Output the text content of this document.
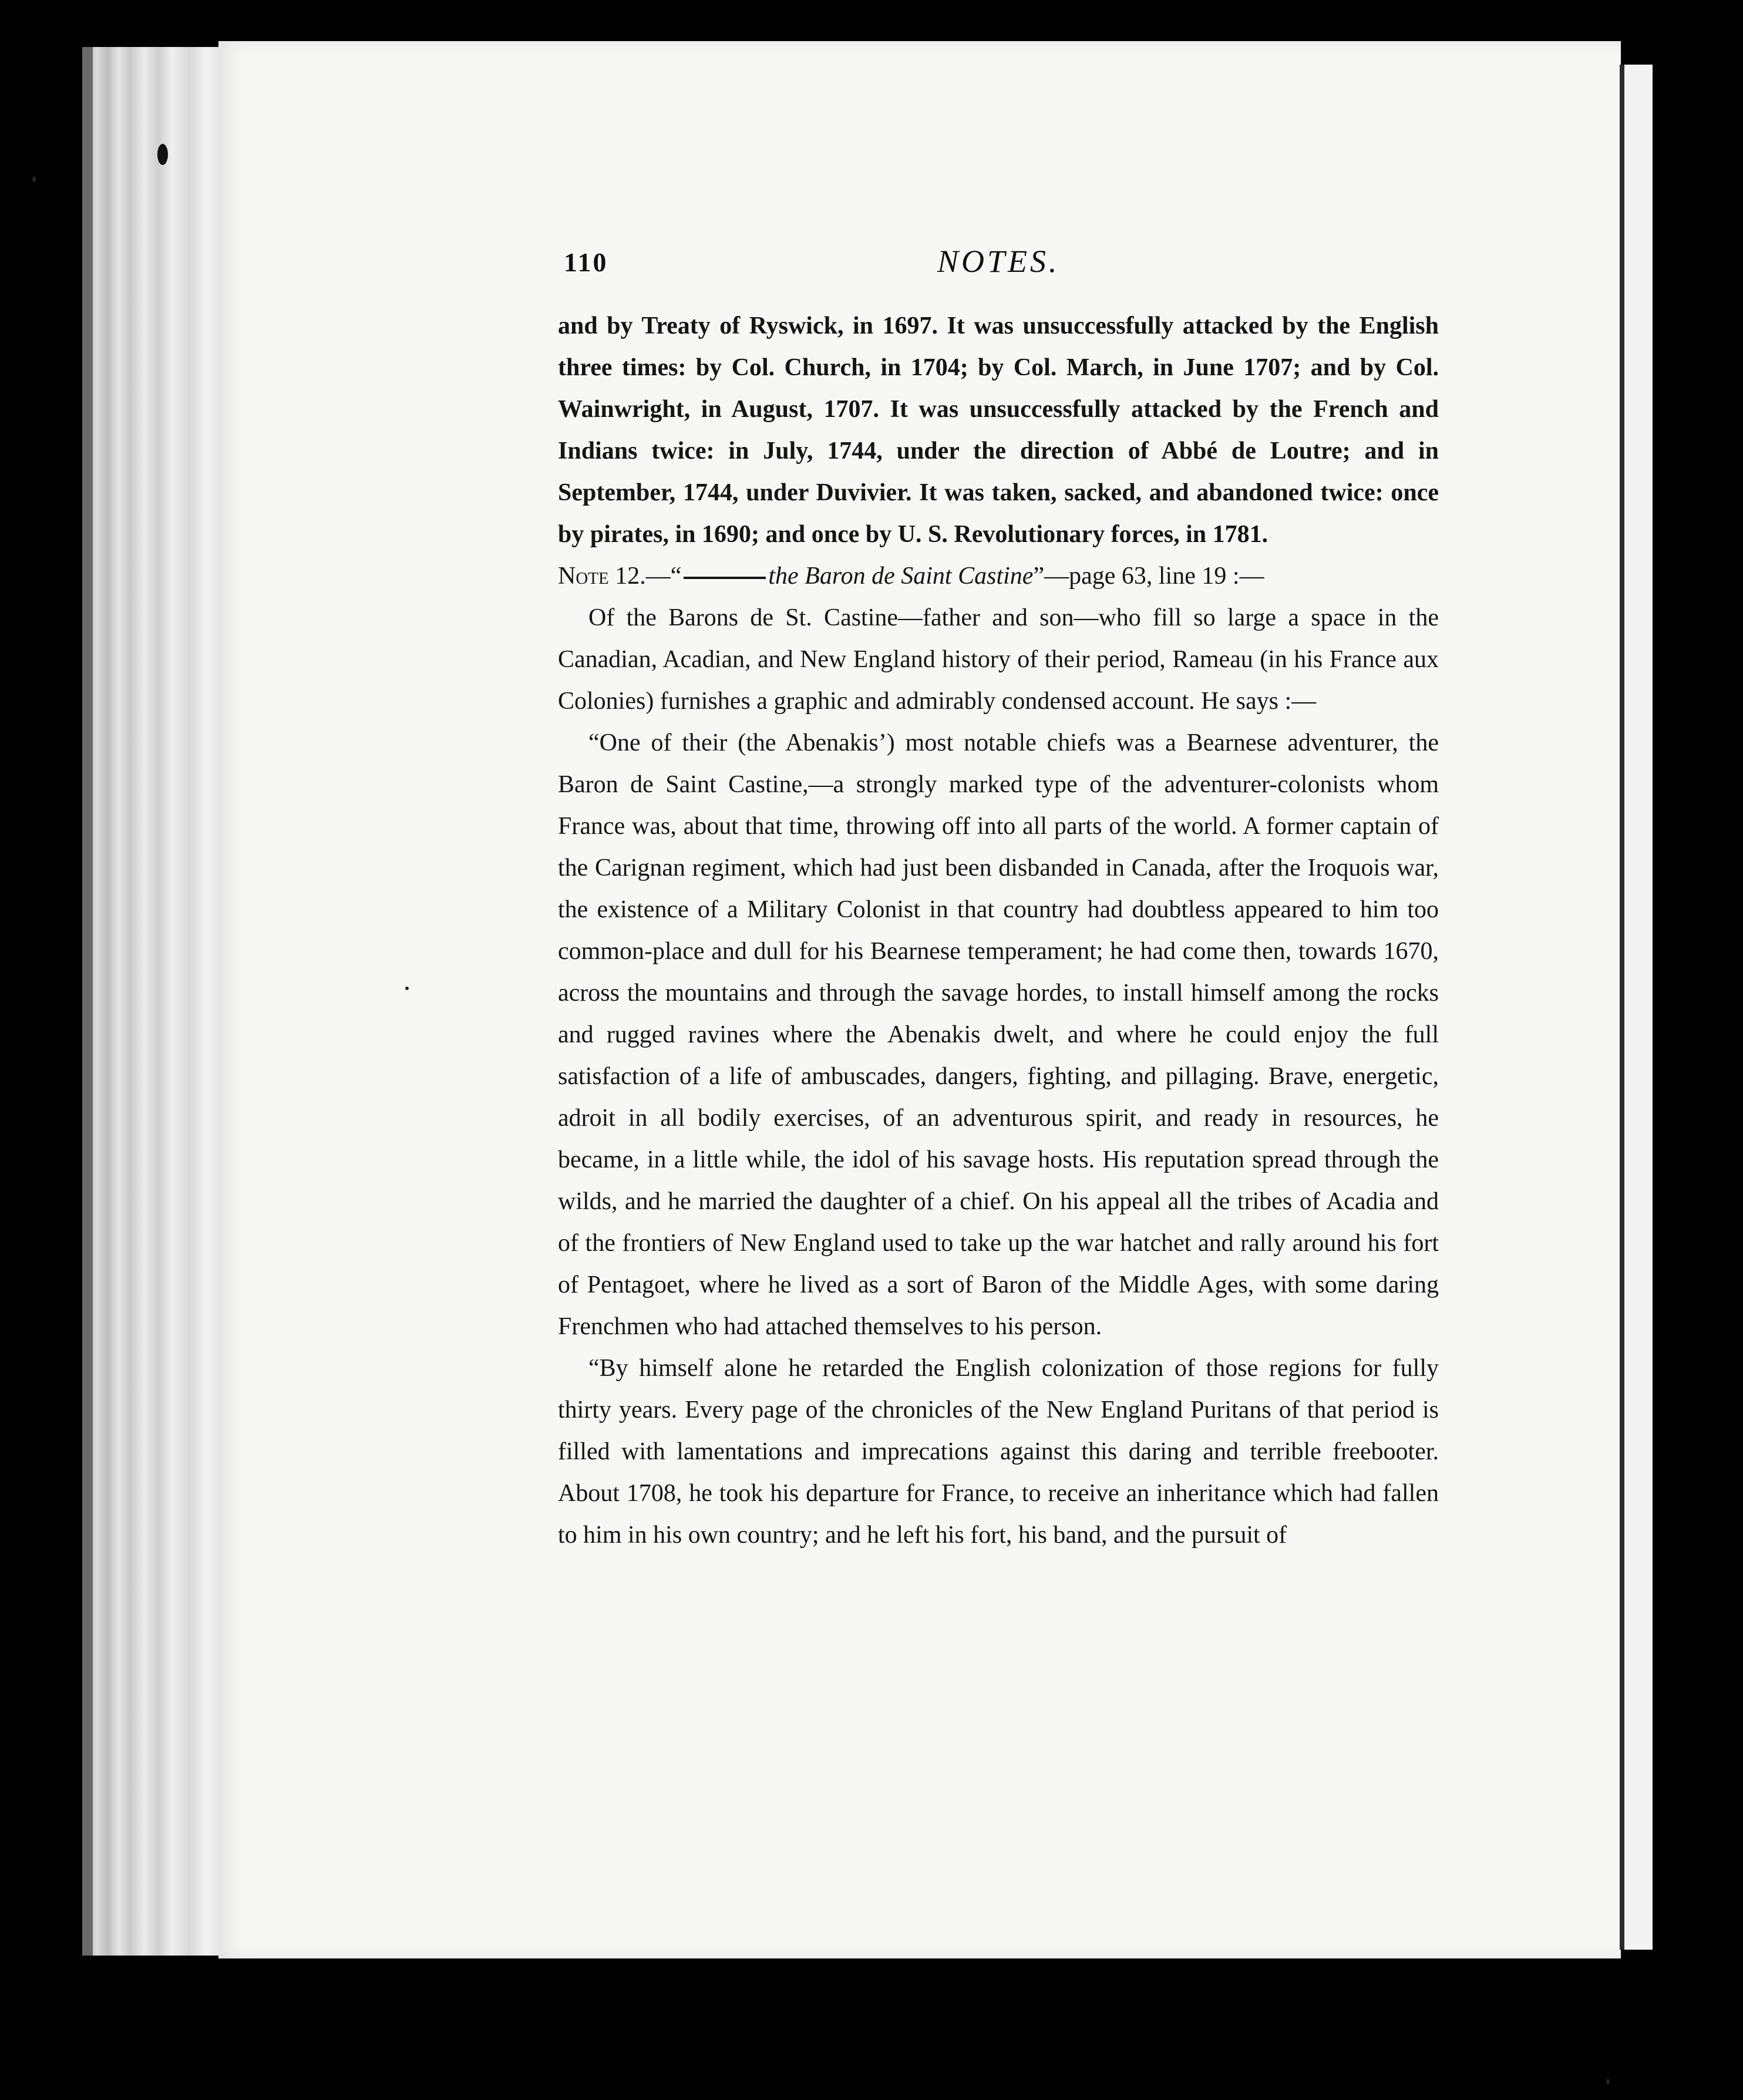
110	NOTES.

and by Treaty of Ryswick, in 1697. It was unsuccessfully attacked by the English three times: by Col. Church, in 1704; by Col. March, in June 1707; and by Col. Wainwright, in August, 1707. It was unsuccessfully attacked by the French and Indians twice: in July, 1744, under the direction of Abbé de Loutre; and in September, 1744, under Duvivier. It was taken, sacked, and abandoned twice: once by pirates, in 1690; and once by U. S. Revolutionary forces, in 1781.

Note 12.—“	the Baron de Saint Castine”—page 63, line 19 :—

Of the Barons de St. Castine—father and son—who fill so large a space in the Canadian, Acadian, and New England history of their period, Rameau (in his France aux Colonies) furnishes a graphic and admirably condensed account. He says :—

“One of their (the Abenakis’) most notable chiefs was a Bearnese adventurer, the Baron de Saint Castine,—a strongly marked type of the adventurer-colonists whom France was, about that time, throwing off into all parts of the world. A former captain of the Carignan regiment, which had just been disbanded in Canada, after the Iroquois war, the existence of a Military Colonist in that country had doubtless appeared to him too common-place and dull for his Bearnese temperament; he had come then, towards 1670, across the mountains and through the savage hordes, to install himself among the rocks and rugged ravines where the Abenakis dwelt, and where he could enjoy the full satisfaction of a life of ambuscades, dangers, fighting, and pillaging. Brave, energetic, adroit in all bodily exercises, of an adventurous spirit, and ready in resources, he became, in a little while, the idol of his savage hosts. His reputation spread through the wilds, and he married the daughter of a chief. On his appeal all the tribes of Acadia and of the frontiers of New England used to take up the war hatchet and rally around his fort of Pentagoet, where he lived as a sort of Baron of the Middle Ages, with some daring Frenchmen who had attached themselves to his person.

“By himself alone he retarded the English colonization of those regions for fully thirty years. Every page of the chronicles of the New England Puritans of that period is filled with lamentations and imprecations against this daring and terrible freebooter. About 1708, he took his departure for France, to receive an inheritance which had fallen to him in his own country; and he left his fort, his band, and the pursuit of
